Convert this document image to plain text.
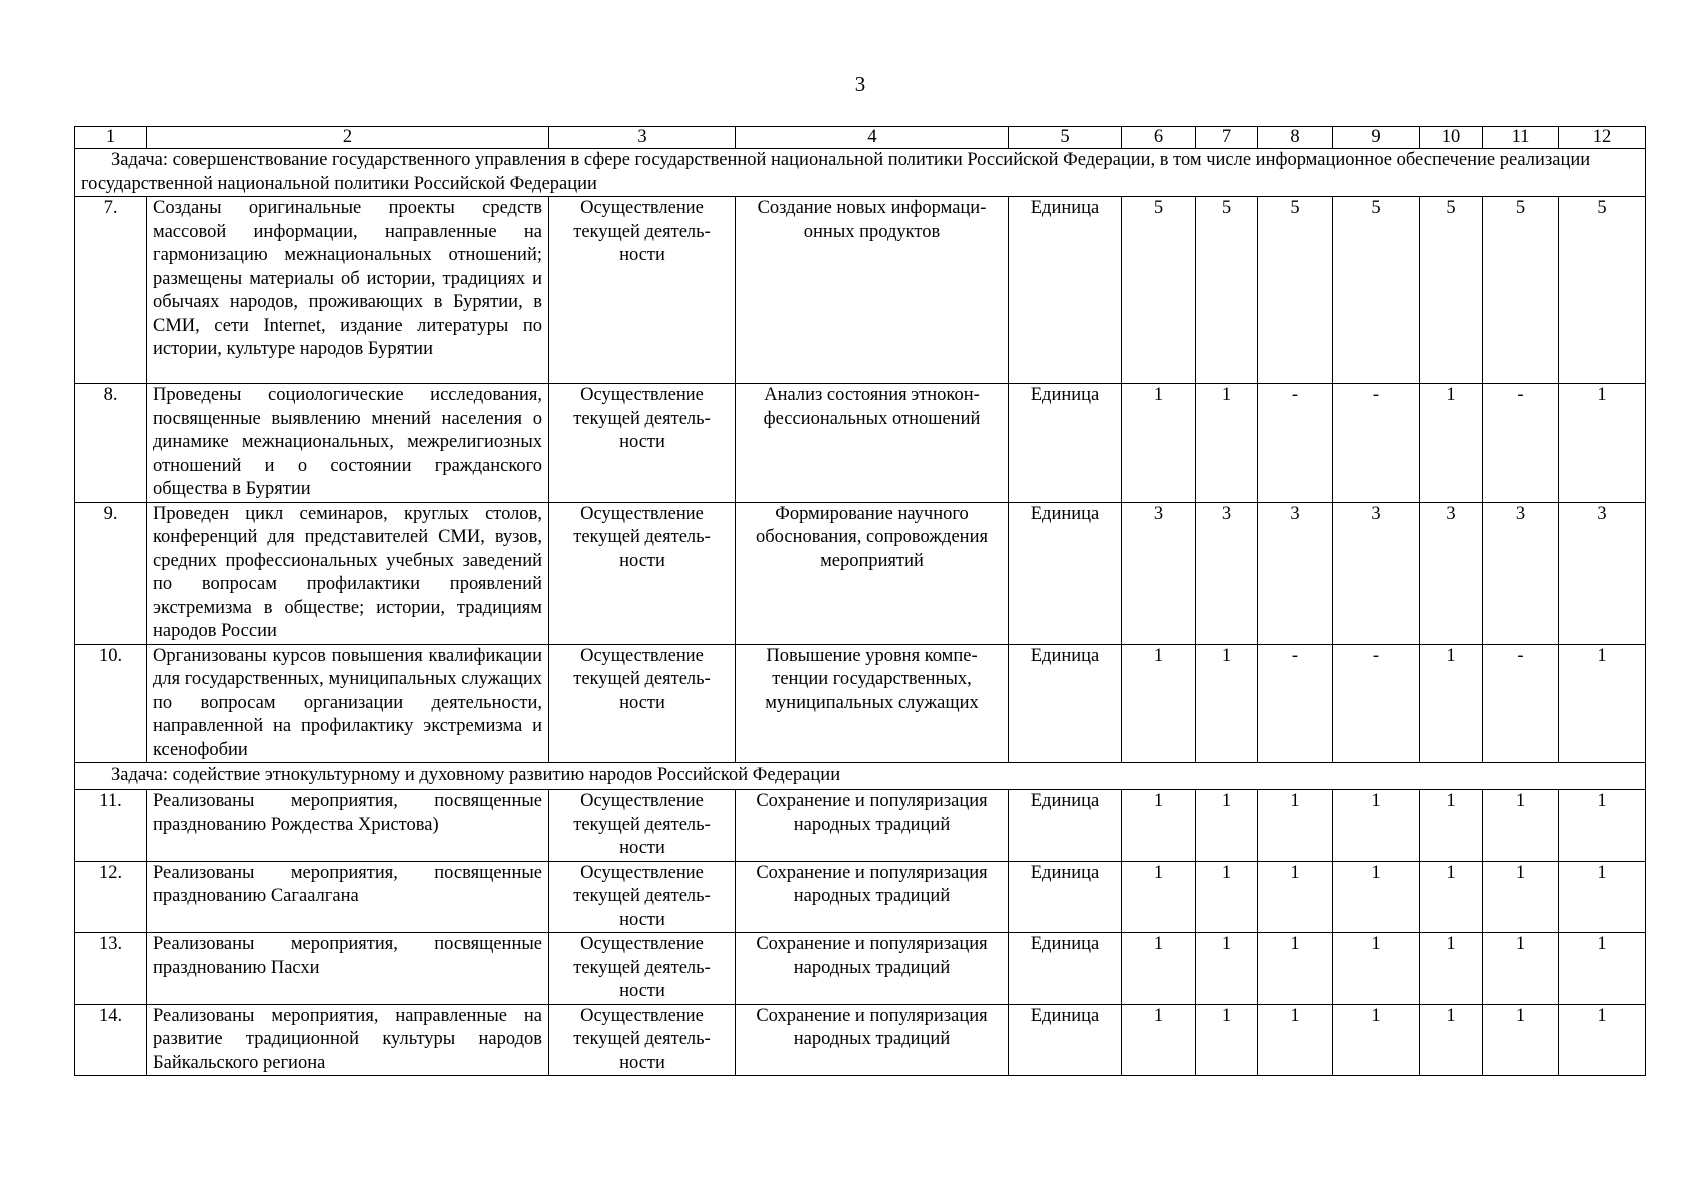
3
1	2	3	4	5	6	7	8	9	10	11	12

Задача: совершенствование государственного управления в сфере государственной национальной политики Российской Федерации, в том числе информационное обеспечение реализации государственной национальной политики Российской Федерации											

7.	Созданы оригинальные проекты средств массовой информации, направленные на гармонизацию межнациональных отношений; размещены материалы об истории, традициях и обычаях народов, проживающих в Бурятии, в СМИ, сети Internet, издание литературы по истории, культуре народов Бурятии	Осуществление текущей деятельности	Создание новых информационных продуктов	Единица	5	5	5	5	5	5	5
8.	Проведены социологические исследования, посвященные выявлению мнений населения о динамике межнациональных, межрелигиозных отношений и о состоянии гражданского общества в Бурятии	Осуществление текущей деятельности	Анализ состояния этноконфессиональных отношений	Единица	1	1	-	-	1	-	1
9.	Проведен цикл семинаров, круглых столов, конференций для представителей СМИ, вузов, средних профессиональных учебных заведений по вопросам профилактики проявлений экстремизма в обществе; истории, традициям народов России	Осуществление текущей деятельности	Формирование научного обоснования, сопровождения мероприятий	Единица	3	3	3	3	3	3	3
10.	Организованы курсов повышения квалификации для государственных, муниципальных служащих по вопросам организации деятельности, направленной на профилактику экстремизма и ксенофобии	Осуществление текущей деятельности	Повышение уровня компетенции государственных, муниципальных служащих	Единица	1	1	-	-	1	-	1

Задача: содействие этнокультурному и духовному развитию народов Российской Федерации											

11.	Реализованы мероприятия, посвященные празднованию Рождества Христова)	Осуществление текущей деятельности	Сохранение и популяризация народных традиций	Единица	1	1	1	1	1	1	1
12.	Реализованы мероприятия, посвященные празднованию Сагаалгана	Осуществление текущей деятельности	Сохранение и популяризация народных традиций	Единица	1	1	1	1	1	1	1
13.	Реализованы мероприятия, посвященные празднованию Пасхи	Осуществление текущей деятельности	Сохранение и популяризация народных традиций	Единица	1	1	1	1	1	1	1
14.	Реализованы мероприятия, направленные на развитие традиционной культуры народов Байкальского региона	Осуществление текущей деятельности	Сохранение и популяризация народных традиций	Единица	1	1	1	1	1	1	1
